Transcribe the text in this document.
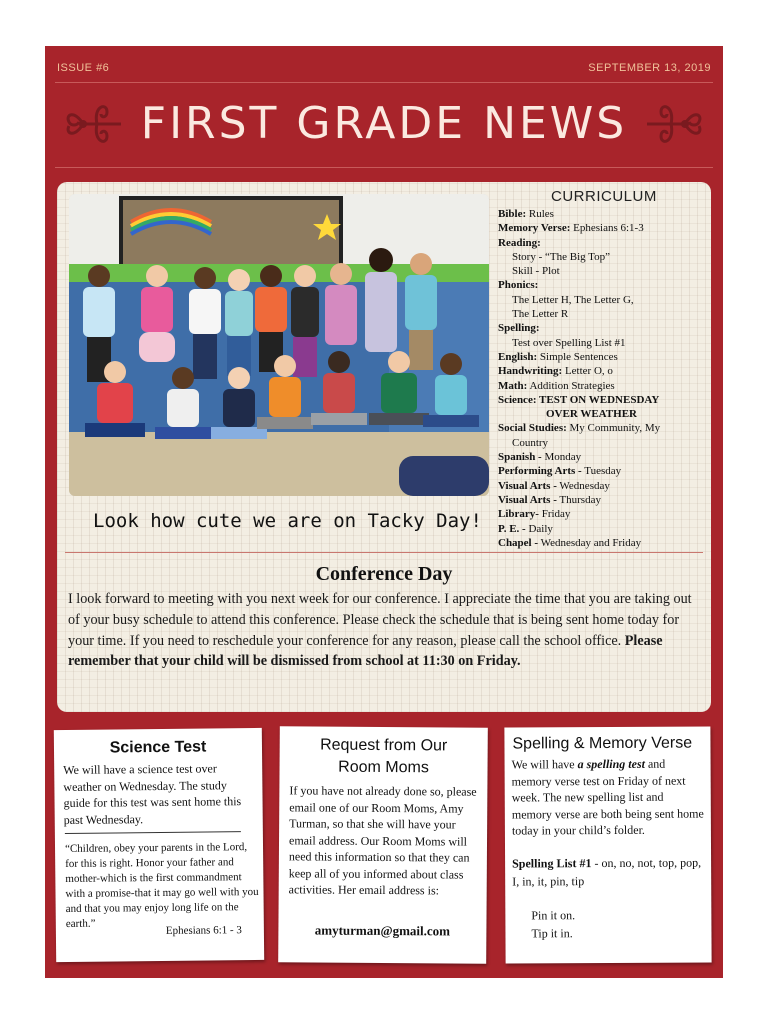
ISSUE #6	SEPTEMBER 13, 2019
FIRST GRADE NEWS
Look how cute we are on Tacky Day!
CURRICULUM
Bible: Rules
Memory Verse: Ephesians 6:1-3
Reading:
Story - “The Big Top”
Skill - Plot
Phonics:
The Letter H, The Letter G,
The Letter R
Spelling:
Test over Spelling List #1
English: Simple Sentences
Handwriting: Letter O, o
Math: Addition Strategies
Science: TEST ON WEDNESDAY
OVER WEATHER
Social Studies: My Community, My
Country
Spanish - Monday
Performing Arts - Tuesday
Visual Arts - Wednesday
Visual Arts - Thursday
Library- Friday
P. E. - Daily
Chapel - Wednesday and Friday
Conference Day
I look forward to meeting with you next week for our conference. I appreciate the time that you are taking out of your busy schedule to attend this conference. Please check the schedule that is being sent home today for your time. If you need to reschedule your conference for any reason, please call the school office. Please remember that your child will be dismissed from school at 11:30 on Friday.
Science Test
We will have a science test over weather on Wednesday. The study guide for this test was sent home this past Wednesday.
“Children, obey your parents in the Lord, for this is right. Honor your father and mother-which is the first commandment with a promise-that it may go well with you and that you may enjoy long life on the earth.”
Ephesians 6:1 - 3
Request from Our
Room Moms
If you have not already done so, please email one of our Room Moms, Amy Turman, so that she will have your email address. Our Room Moms will need this information so that they can keep all of you informed about class activities. Her email address is:
amyturman@gmail.com
Spelling & Memory Verse
We will have a spelling test and memory verse test on Friday of next week. The new spelling list and memory verse are both being sent home today in your child’s folder.
Spelling List #1 - on, no, not, top, pop, I, in, it, pin, tip
Pin it on.
Tip it in.
